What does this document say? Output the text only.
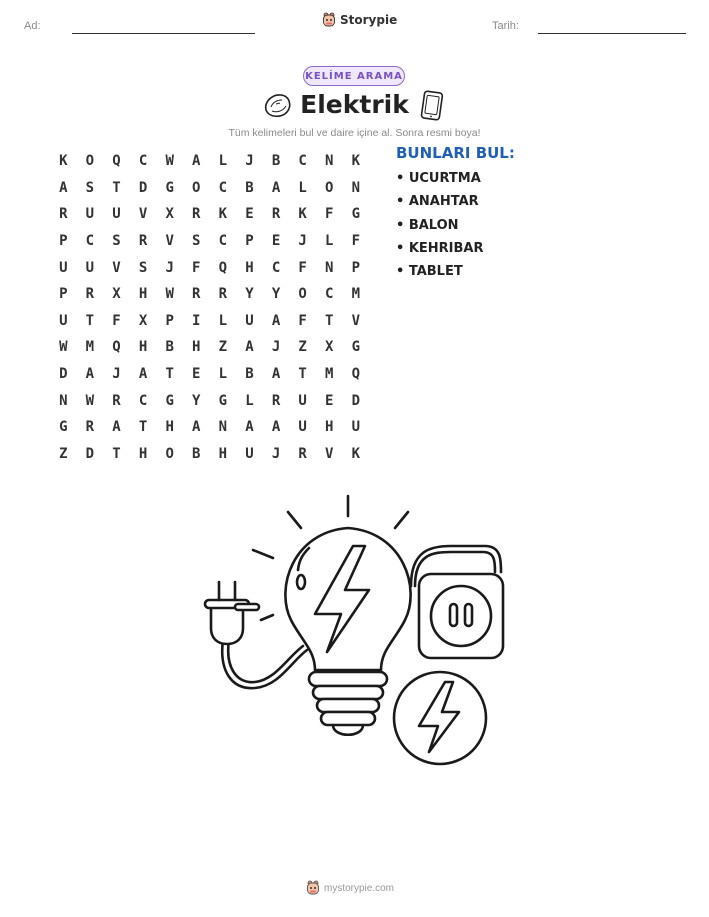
Ad:	Storypie	Tarih:
KELİME ARAMA
Elektrik
Tüm kelimeleri bul ve daire içine al. Sonra resmi boya!
K	O	Q	C	W	A	L	J	B	C	N	K
A	S	T	D	G	O	C	B	A	L	O	N
R	U	U	V	X	R	K	E	R	K	F	G
P	C	S	R	V	S	C	P	E	J	L	F
U	U	V	S	J	F	Q	H	C	F	N	P
P	R	X	H	W	R	R	Y	Y	O	C	M
U	T	F	X	P	I	L	U	A	F	T	V
W	M	Q	H	B	H	Z	A	J	Z	X	G
D	A	J	A	T	E	L	B	A	T	M	Q
N	W	R	C	G	Y	G	L	R	U	E	D
G	R	A	T	H	A	N	A	A	U	H	U
Z	D	T	H	O	B	H	U	J	R	V	K
BUNLARI BUL:
• UCURTMA
• ANAHTAR
• BALON
• KEHRIBAR
• TABLET
mystorypie.com
